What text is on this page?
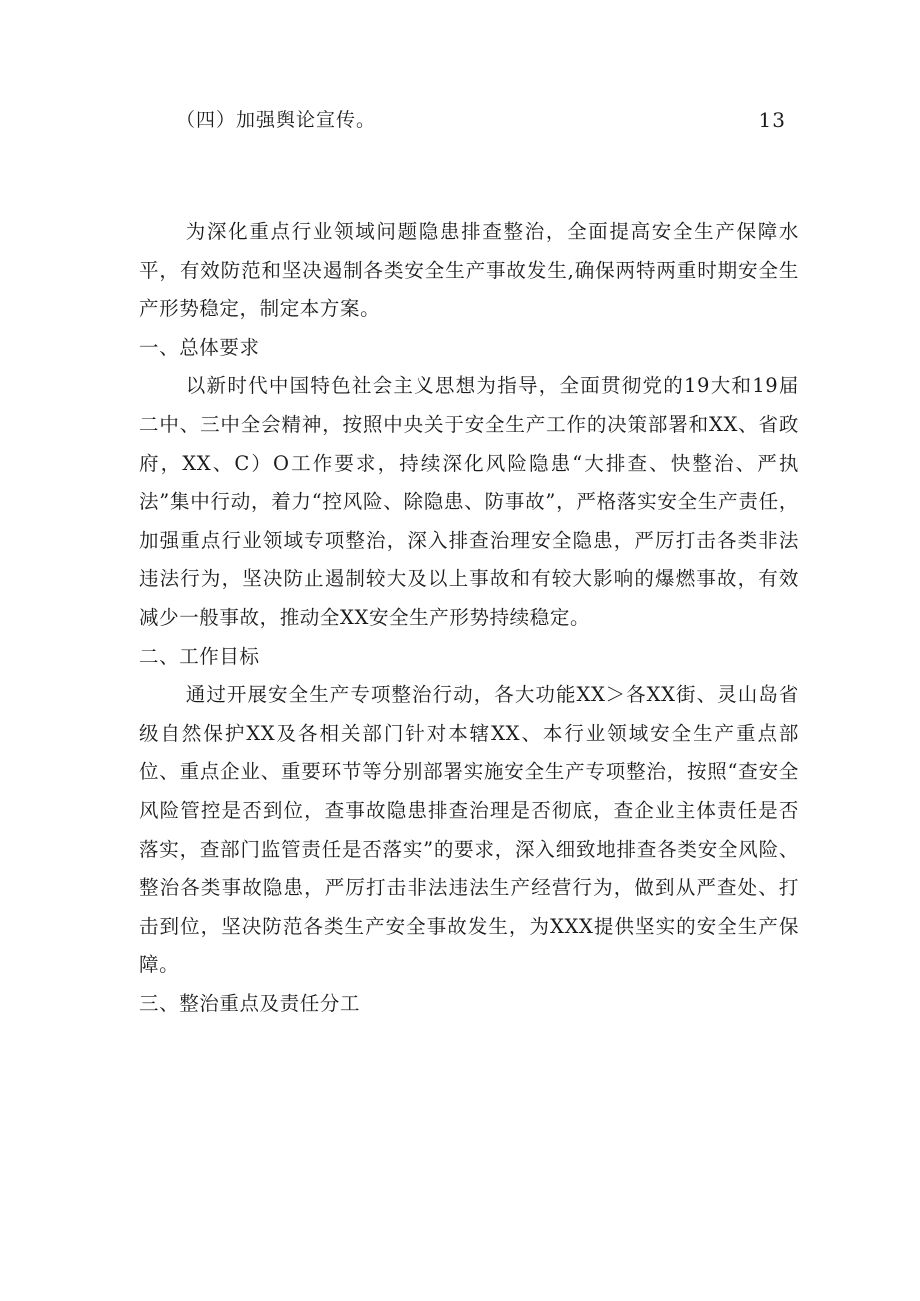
（四）加强舆论宣传。	13

为深化重点行业领域问题隐患排查整治，全面提高安全生产保障水平，有效防范和坚决遏制各类安全生产事故发生,确保两特两重时期安全生产形势稳定，制定本方案。

一、总体要求

以新时代中国特色社会主义思想为指导，全面贯彻党的19大和19届二中、三中全会精神，按照中央关于安全生产工作的决策部署和XX、省政府，XX、C）O工作要求，持续深化风险隐患“大排查、快整治、严执法”集中行动，着力“控风险、除隐患、防事故”，严格落实安全生产责任，加强重点行业领域专项整治，深入排查治理安全隐患，严厉打击各类非法违法行为，坚决防止遏制较大及以上事故和有较大影响的爆燃事故，有效减少一般事故，推动全XX安全生产形势持续稳定。

二、工作目标

通过开展安全生产专项整治行动，各大功能XX＞各XX街、灵山岛省级自然保护XX及各相关部门针对本辖XX、本行业领域安全生产重点部位、重点企业、重要环节等分别部署实施安全生产专项整治，按照“查安全风险管控是否到位，查事故隐患排查治理是否彻底，查企业主体责任是否落实，查部门监管责任是否落实”的要求，深入细致地排查各类安全风险、整治各类事故隐患，严厉打击非法违法生产经营行为，做到从严查处、打击到位，坚决防范各类生产安全事故发生，为XXX提供坚实的安全生产保障。

三、整治重点及责任分工
